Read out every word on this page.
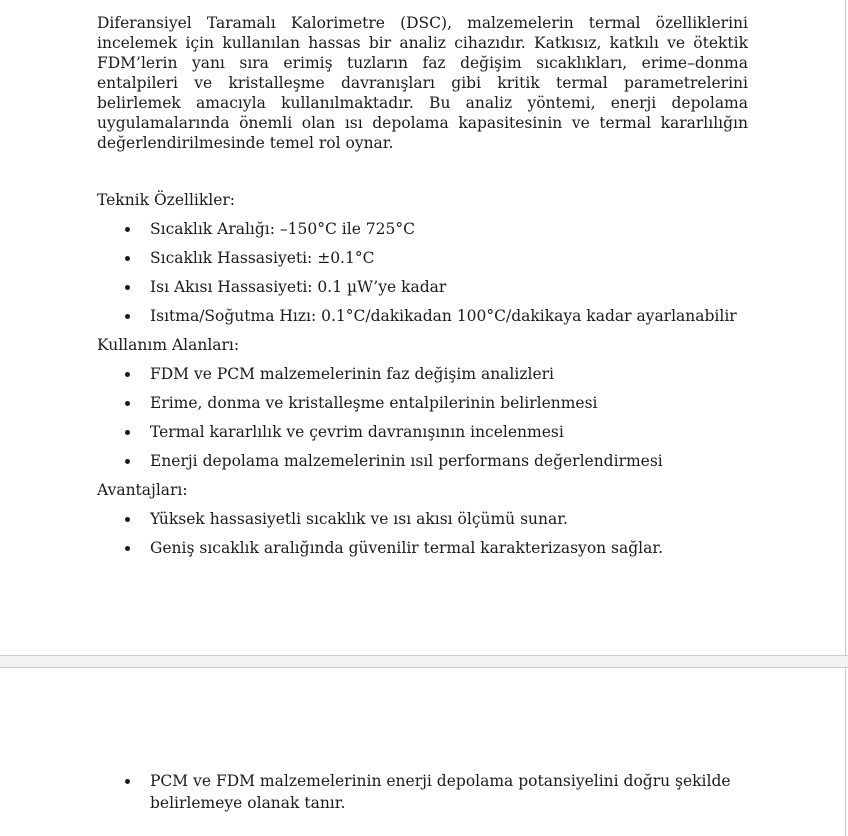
Diferansiyel Taramalı Kalorimetre (DSC), malzemelerin termal özelliklerini incelemek için kullanılan hassas bir analiz cihazıdır. Katkısız, katkılı ve ötektik FDM’lerin yanı sıra erimiş tuzların faz değişim sıcaklıkları, erime–donma entalpileri ve kristalleşme davranışları gibi kritik termal parametrelerini belirlemek amacıyla kullanılmaktadır. Bu analiz yöntemi, enerji depolama uygulamalarında önemli olan ısı depolama kapasitesinin ve termal kararlılığın değerlendirilmesinde temel rol oynar.

Teknik Özellikler:
Sıcaklık Aralığı: –150°C ile 725°C
Sıcaklık Hassasiyeti: ±0.1°C
Isı Akısı Hassasiyeti: 0.1 µW’ye kadar
Isıtma/Soğutma Hızı: 0.1°C/dakikadan 100°C/dakikaya kadar ayarlanabilir
Kullanım Alanları:
FDM ve PCM malzemelerinin faz değişim analizleri
Erime, donma ve kristalleşme entalpilerinin belirlenmesi
Termal kararlılık ve çevrim davranışının incelenmesi
Enerji depolama malzemelerinin ısıl performans değerlendirmesi
Avantajları:
Yüksek hassasiyetli sıcaklık ve ısı akısı ölçümü sunar.
Geniş sıcaklık aralığında güvenilir termal karakterizasyon sağlar.
PCM ve FDM malzemelerinin enerji depolama potansiyelini doğru şekilde belirlemeye olanak tanır.
